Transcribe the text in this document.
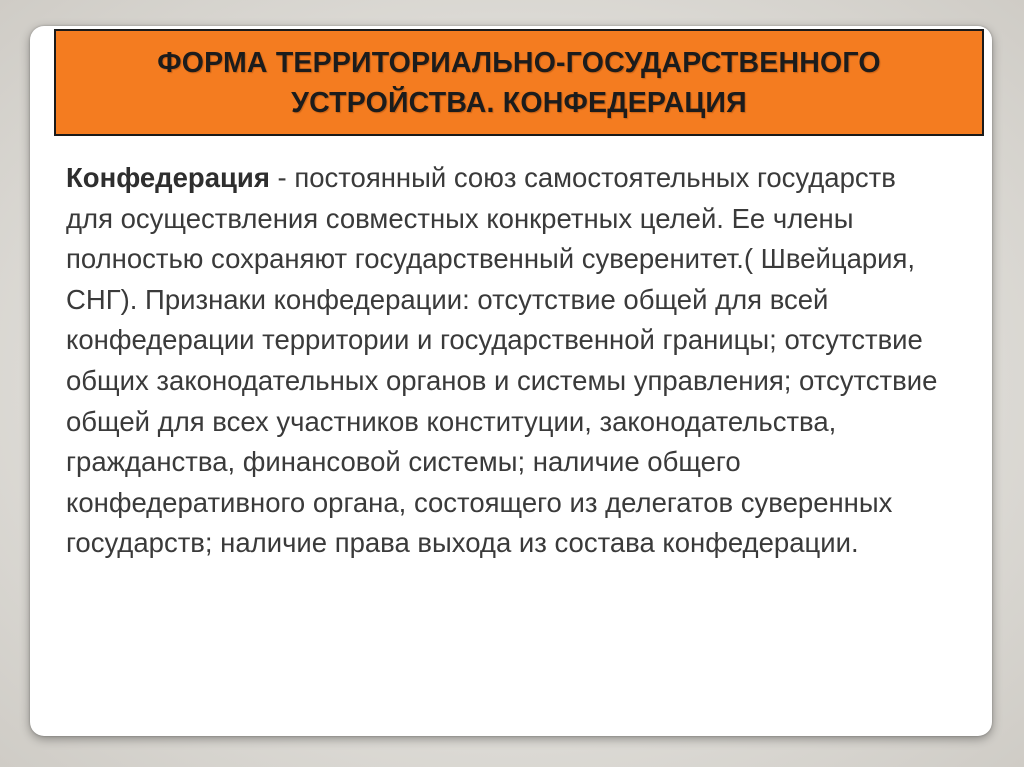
ФОРМА ТЕРРИТОРИАЛЬНО-ГОСУДАРСТВЕННОГО
УСТРОЙСТВА. КОНФЕДЕРАЦИЯ

Конфедерация - постоянный союз самостоятельных государств для осуществления совместных конкретных целей. Ее члены полностью сохраняют государственный суверенитет.( Швейцария, СНГ). Признаки конфедерации: отсутствие общей для всей конфедерации территории и государственной границы; отсутствие общих законодательных органов и системы управления; отсутствие общей для всех участников конституции, законодательства, гражданства, финансовой системы; наличие общего конфедеративного органа, состоящего из делегатов суверенных государств; наличие права выхода из состава конфедерации.
